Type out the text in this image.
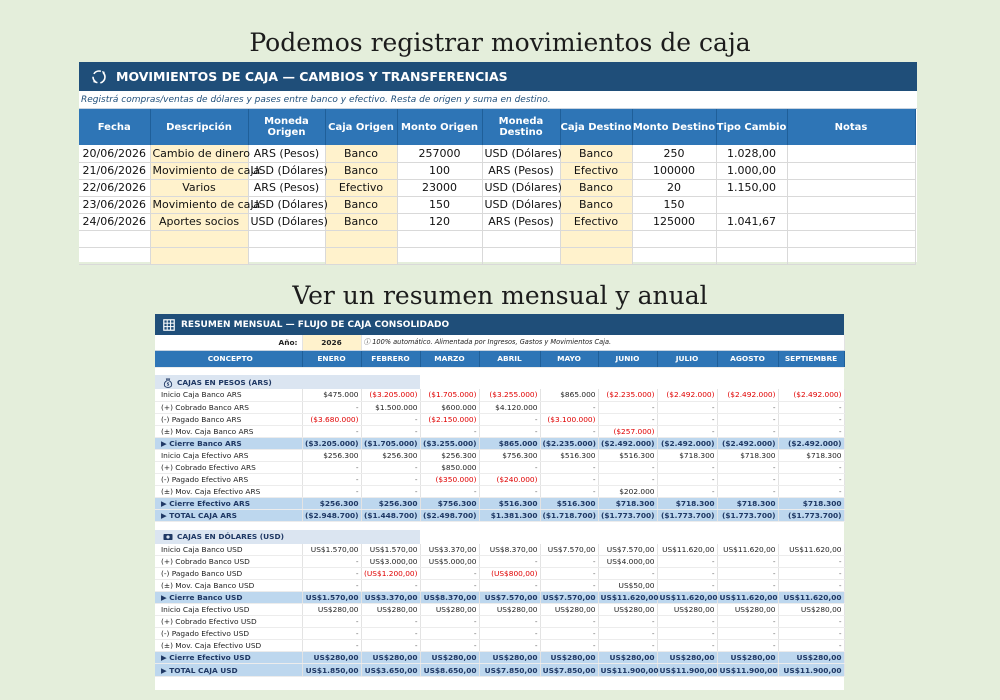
Podemos registrar movimientos de caja
MOVIMIENTOS DE CAJA — CAMBIOS Y TRANSFERENCIAS
Registrá compras/ventas de dólares y pases entre banco y efectivo. Resta de origen y suma en destino.
Fecha	Descripción	Moneda Origen	Caja Origen	Monto Origen	Moneda Destino	Caja Destino	Monto Destino	Tipo Cambio	Notas
20/06/2026	Cambio de dinero	ARS (Pesos)	Banco	257000	USD (Dólares)	Banco	250	1.028,00	
21/06/2026	Movimiento de caja	USD (Dólares)	Banco	100	ARS (Pesos)	Efectivo	100000	1.000,00	
22/06/2026	Varios	ARS (Pesos)	Efectivo	23000	USD (Dólares)	Banco	20	1.150,00	
23/06/2026	Movimiento de caja	USD (Dólares)	Banco	150	USD (Dólares)	Banco	150		
24/06/2026	Aportes socios	USD (Dólares)	Banco	120	ARS (Pesos)	Efectivo	125000	1.041,67	

Ver un resumen mensual y anual
RESUMEN MENSUAL — FLUJO DE CAJA CONSOLIDADO
Año:	2026	ⓘ 100% automático. Alimentada por Ingresos, Gastos y Movimientos Caja.							
CONCEPTO	ENERO	FEBRERO	MARZO	ABRIL	MAYO	JUNIO	JULIO	AGOSTO	SEPTIEMBRE

$ CAJAS EN PESOS (ARS)									
Inicio Caja Banco ARS	$475.000	($3.205.000)	($1.705.000)	($3.255.000)	$865.000	($2.235.000)	($2.492.000)	($2.492.000)	($2.492.000)
(+) Cobrado Banco ARS	-	$1.500.000	$600.000	$4.120.000	-	-	-	-	-
(-) Pagado Banco ARS	($3.680.000)	-	($2.150.000)	-	($3.100.000)	-	-	-	-
(±) Mov. Caja Banco ARS	-	-	-	-	-	($257.000)	-	-	-
▶ Cierre Banco ARS	($3.205.000)	($1.705.000)	($3.255.000)	$865.000	($2.235.000)	($2.492.000)	($2.492.000)	($2.492.000)	($2.492.000)
Inicio Caja Efectivo ARS	$256.300	$256.300	$256.300	$756.300	$516.300	$516.300	$718.300	$718.300	$718.300
(+) Cobrado Efectivo ARS	-	-	$850.000	-	-	-	-	-	-
(-) Pagado Efectivo ARS	-	-	($350.000)	($240.000)	-	-	-	-	-
(±) Mov. Caja Efectivo ARS	-	-	-	-	-	$202.000	-	-	-
▶ Cierre Efectivo ARS	$256.300	$256.300	$756.300	$516.300	$516.300	$718.300	$718.300	$718.300	$718.300
▶ TOTAL CAJA ARS	($2.948.700)	($1.448.700)	($2.498.700)	$1.381.300	($1.718.700)	($1.773.700)	($1.773.700)	($1.773.700)	($1.773.700)

CAJAS EN DÓLARES (USD)									
Inicio Caja Banco USD	US$1.570,00	US$1.570,00	US$3.370,00	US$8.370,00	US$7.570,00	US$7.570,00	US$11.620,00	US$11.620,00	US$11.620,00
(+) Cobrado Banco USD	-	US$3.000,00	US$5.000,00	-	-	US$4.000,00	-	-	-
(-) Pagado Banco USD	-	(US$1.200,00)	-	(US$800,00)	-	-	-	-	-
(±) Mov. Caja Banco USD	-	-	-	-	-	US$50,00	-	-	-
▶ Cierre Banco USD	US$1.570,00	US$3.370,00	US$8.370,00	US$7.570,00	US$7.570,00	US$11.620,00	US$11.620,00	US$11.620,00	US$11.620,00
Inicio Caja Efectivo USD	US$280,00	US$280,00	US$280,00	US$280,00	US$280,00	US$280,00	US$280,00	US$280,00	US$280,00
(+) Cobrado Efectivo USD	-	-	-	-	-	-	-	-	-
(-) Pagado Efectivo USD	-	-	-	-	-	-	-	-	-
(±) Mov. Caja Efectivo USD	-	-	-	-	-	-	-	-	-
▶ Cierre Efectivo USD	US$280,00	US$280,00	US$280,00	US$280,00	US$280,00	US$280,00	US$280,00	US$280,00	US$280,00
▶ TOTAL CAJA USD	US$1.850,00	US$3.650,00	US$8.650,00	US$7.850,00	US$7.850,00	US$11.900,00	US$11.900,00	US$11.900,00	US$11.900,00
